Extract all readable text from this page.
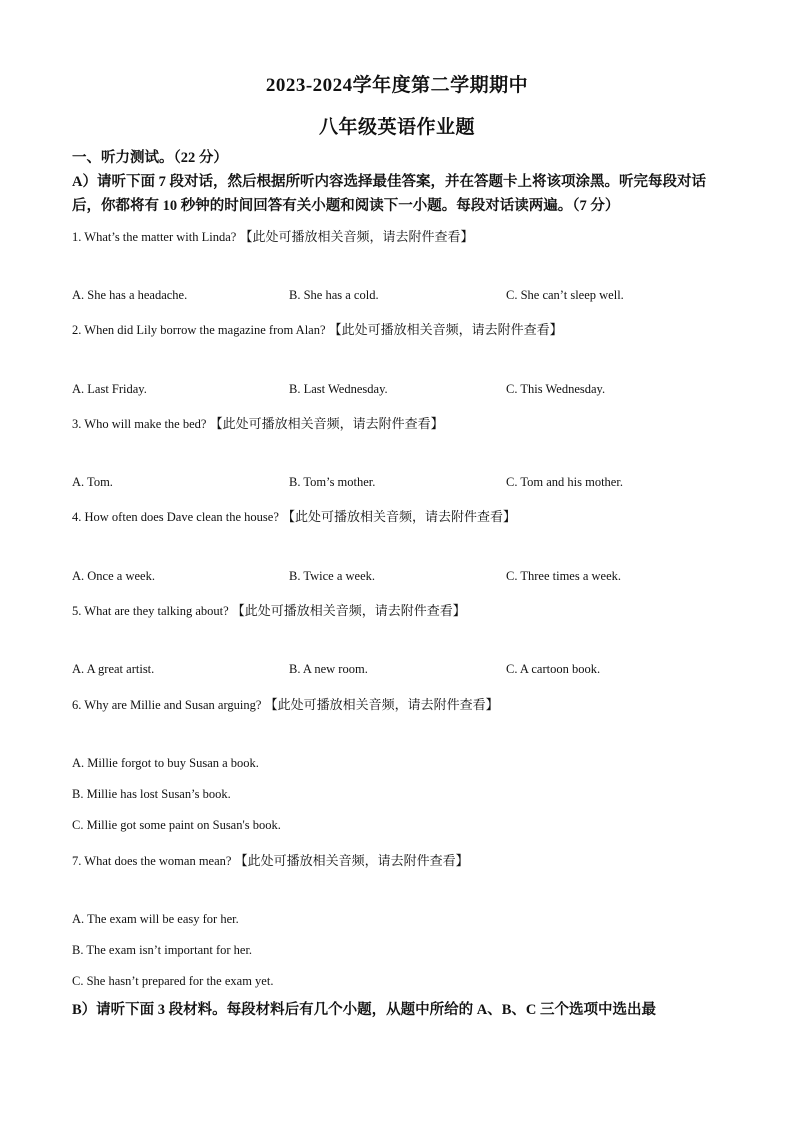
2023-2024学年度第二学期期中
八年级英语作业题
一、听力测试。（22 分）
A）请听下面 7 段对话，然后根据所听内容选择最佳答案，并在答题卡上将该项涂黑。听完每段对话后，你都将有 10 秒钟的时间回答有关小题和阅读下一小题。每段对话读两遍。（7 分）
1. What’s the matter with Linda? 【此处可播放相关音频，请去附件查看】
A. She has a headache.	B. She has a cold.	C. She can’t sleep well.
2. When did Lily borrow the magazine from Alan? 【此处可播放相关音频，请去附件查看】
A. Last Friday.	B. Last Wednesday.	C. This Wednesday.
3. Who will make the bed? 【此处可播放相关音频，请去附件查看】
A. Tom.	B. Tom’s mother.	C. Tom and his mother.
4. How often does Dave clean the house? 【此处可播放相关音频，请去附件查看】
A. Once a week.	B. Twice a week.	C. Three times a week.
5. What are they talking about? 【此处可播放相关音频，请去附件查看】
A. A great artist.	B. A new room.	C. A cartoon book.
6. Why are Millie and Susan arguing? 【此处可播放相关音频，请去附件查看】
A. Millie forgot to buy Susan a book.
B. Millie has lost Susan’s book.
C. Millie got some paint on Susan's book.
7. What does the woman mean? 【此处可播放相关音频，请去附件查看】
A. The exam will be easy for her.
B. The exam isn’t important for her.
C. She hasn’t prepared for the exam yet.
B）请听下面 3 段材料。每段材料后有几个小题，从题中所给的 A、B、C 三个选项中选出最
